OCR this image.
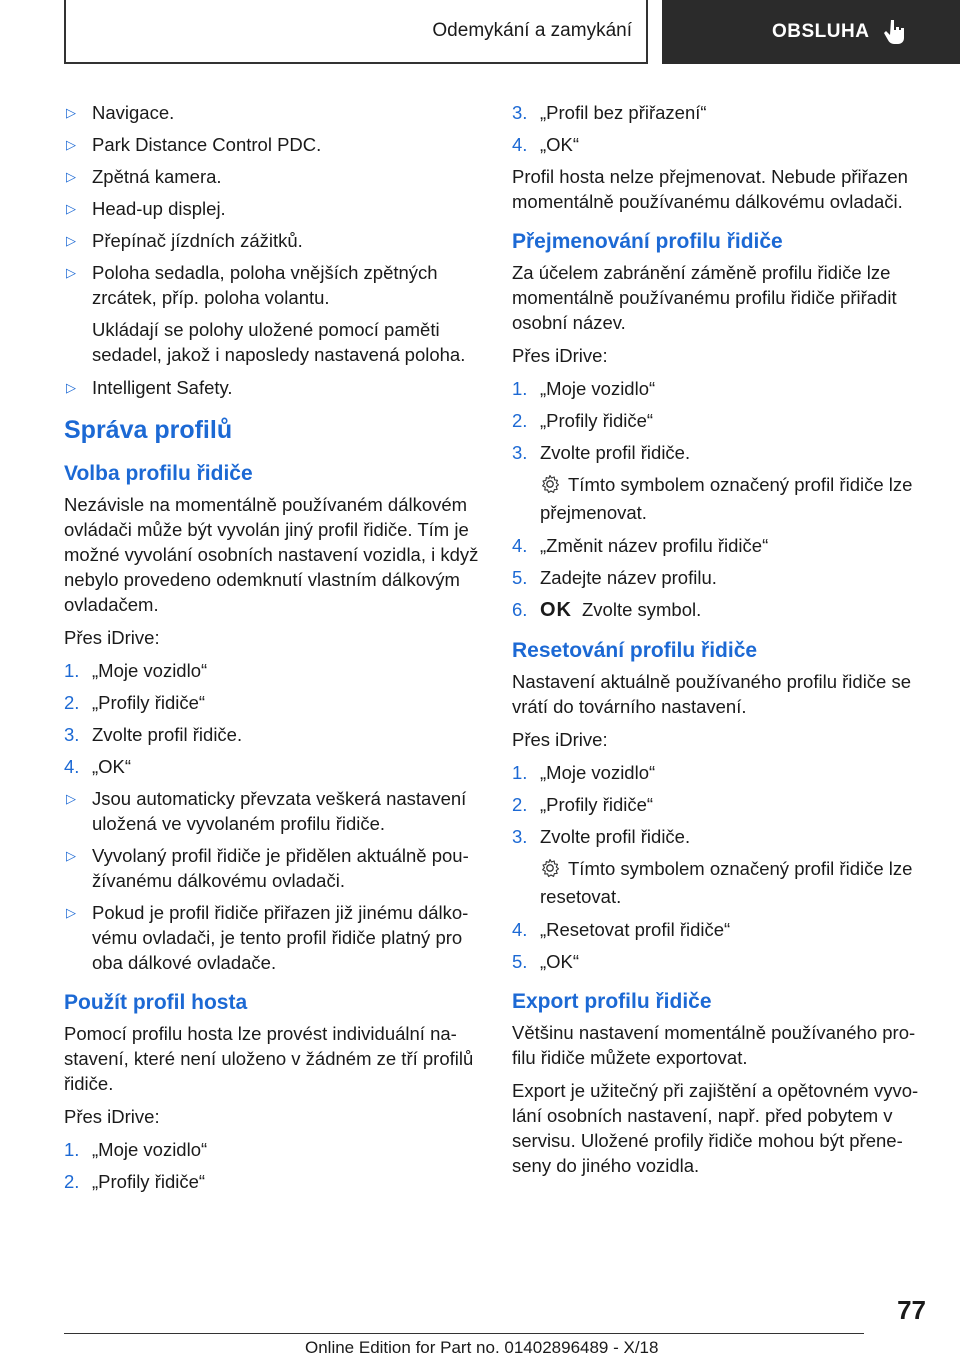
Odemykání a zamykání	OBSLUHA
▷ Navigace.
▷ Park Distance Control PDC.
▷ Zpětná kamera.
▷ Head-up displej.
▷ Přepínač jízdních zážitků.
▷ Poloha sedadla, poloha vnějších zpětných zrcátek, příp. poloha volantu.
Ukládají se polohy uložené pomocí paměti sedadel, jakož i naposledy nastavená poloha.
▷ Intelligent Safety.
Správa profilů
Volba profilu řidiče

Nezávisle na momentálně používaném dálkovém ovládači může být vyvolán jiný profil řidiče. Tím je možné vyvolání osobních nastavení vozidla, i když nebylo provedeno odemknutí vlastním dálkovým ovladačem.

Přes iDrive:

1. „Moje vozidlo“
2. „Profily řidiče“
3. Zvolte profil řidiče.
4. „OK“
▷ Jsou automaticky převzata veškerá nastavení uložená ve vyvolaném profilu řidiče.
▷ Vyvolaný profil řidiče je přidělen aktuálně používanému dálkovému ovladači.
▷ Pokud je profil řidiče přiřazen již jinému dálkovému ovladači, je tento profil řidiče platný pro oba dálkové ovladače.
Použít profil hosta

Pomocí profilu hosta lze provést individuální nastavení, které není uloženo v žádném ze tří profilů řidiče.

Přes iDrive:

1. „Moje vozidlo“
2. „Profily řidiče“
3. „Profil bez přiřazení“
4. „OK“

Profil hosta nelze přejmenovat. Nebude přiřazen momentálně používanému dálkovému ovladači.

Přejmenování profilu řidiče

Za účelem zabránění záměně profilu řidiče lze momentálně používanému profilu řidiče přiřadit osobní název.

Přes iDrive:

1. „Moje vozidlo“
2. „Profily řidiče“
3. Zvolte profil řidiče.
Tímto symbolem označený profil řidiče lze přejmenovat.
4. „Změnit název profilu řidiče“
5. Zadejte název profilu.
6. OK Zvolte symbol.
Resetování profilu řidiče

Nastavení aktuálně používaného profilu řidiče se vrátí do továrního nastavení.

Přes iDrive:

1. „Moje vozidlo“
2. „Profily řidiče“
3. Zvolte profil řidiče.
Tímto symbolem označený profil řidiče lze resetovat.
4. „Resetovat profil řidiče“
5. „OK“
Export profilu řidiče

Většinu nastavení momentálně používaného profilu řidiče můžete exportovat.

Export je užitečný při zajištění a opětovném vyvolání osobních nastavení, např. před pobytem v servisu. Uložené profily řidiče mohou být přeneseny do jiného vozidla.

77
Online Edition for Part no. 01402896489 - X/18
